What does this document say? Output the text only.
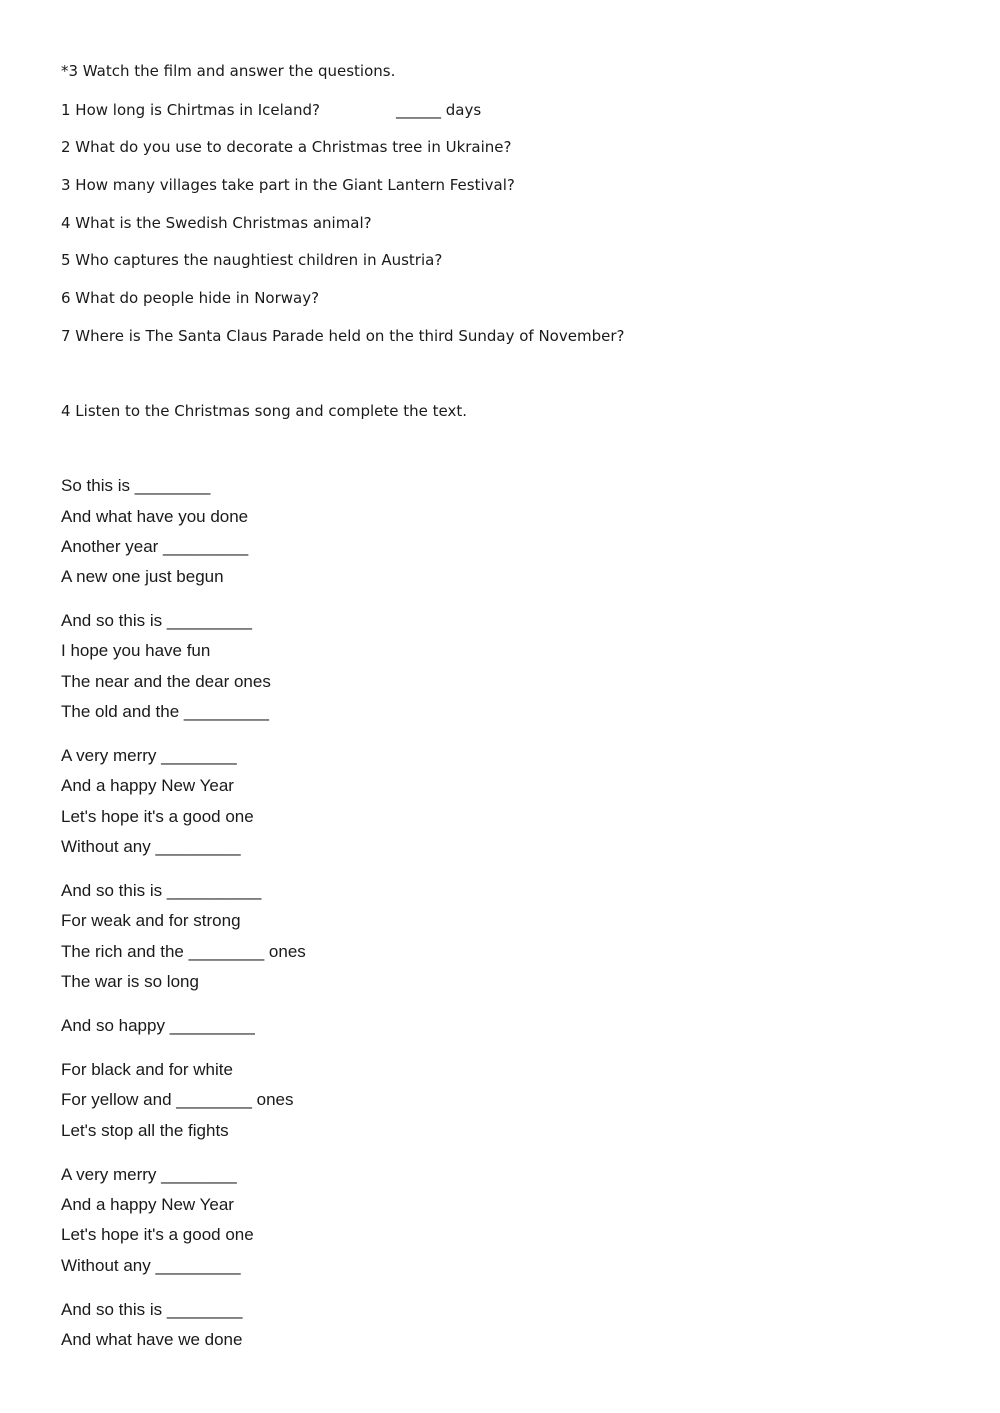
*3 Watch the film and answer the questions.
1 How long is Chirtmas in Iceland?	______ days
2 What do you use to decorate a Christmas tree in Ukraine?
3 How many villages take part in the Giant Lantern Festival?
4 What is the Swedish Christmas animal?
5 Who captures the naughtiest children in Austria?
6 What do people hide in Norway?
7 Where is The Santa Claus Parade held on the third Sunday of November?
4 Listen to the Christmas song and complete the text.
So this is ________
And what have you done
Another year _________
A new one just begun
And so this is _________
I hope you have fun
The near and the dear ones
The old and the _________
A very merry ________
And a happy New Year
Let's hope it's a good one
Without any _________
And so this is __________
For weak and for strong
The rich and the ________ ones
The war is so long
And so happy _________
For black and for white
For yellow and ________ ones
Let's stop all the fights
A very merry ________
And a happy New Year
Let's hope it's a good one
Without any _________
And so this is ________
And what have we done
